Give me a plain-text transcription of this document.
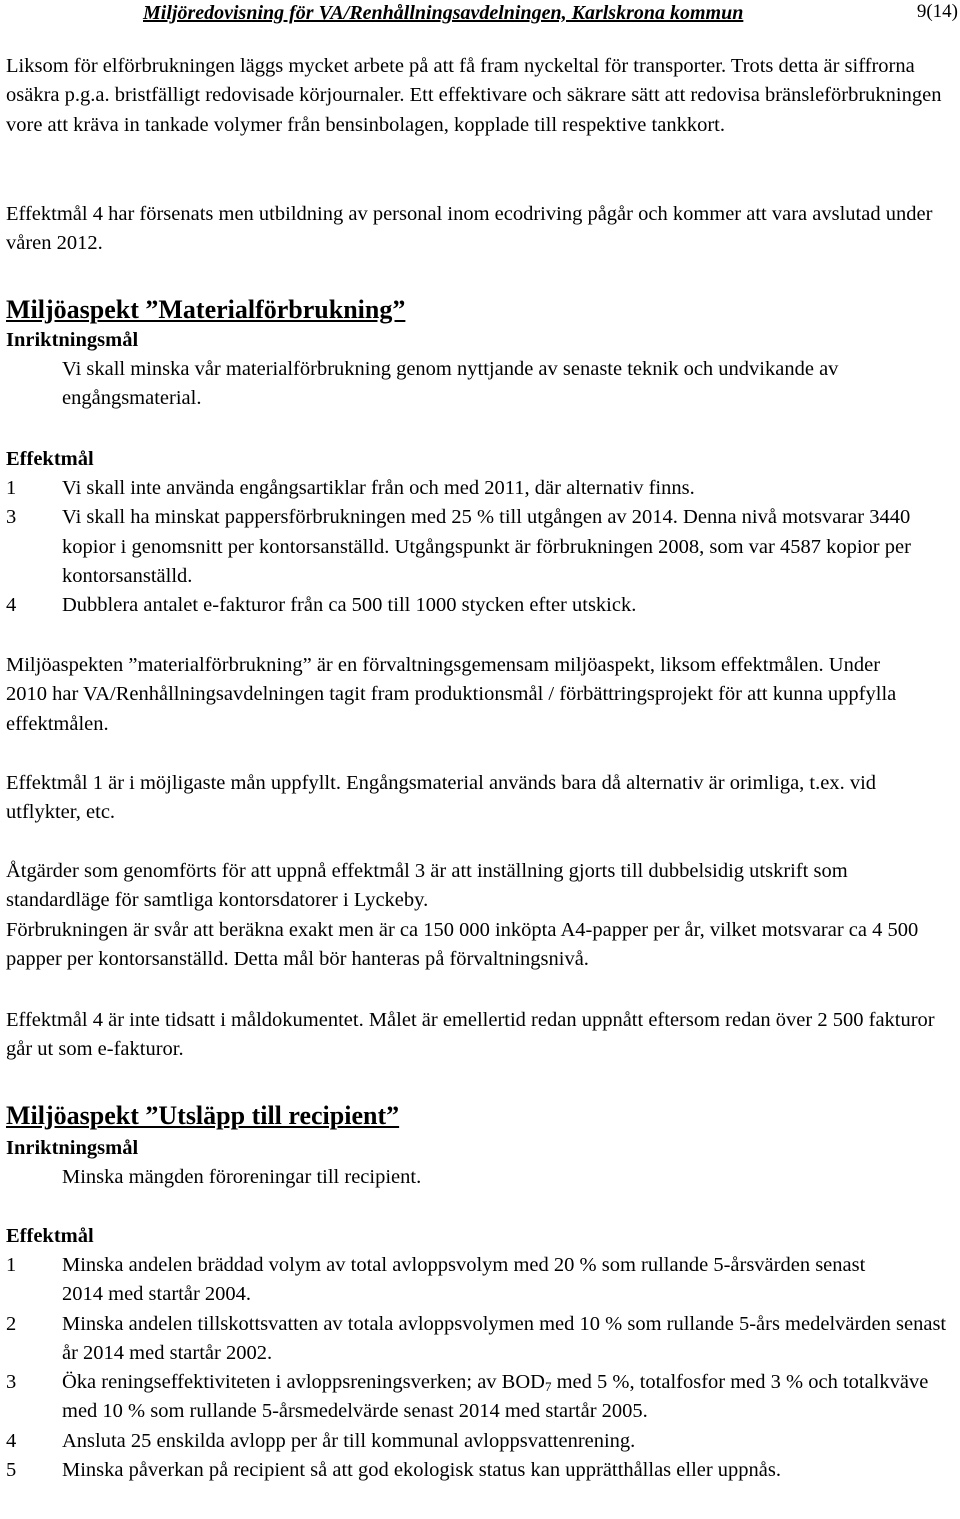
Miljöredovisning för VA/Renhållningsavdelningen, Karlskrona kommun	9(14)

Liksom för elförbrukningen läggs mycket arbete på att få fram nyckeltal för transporter. Trots detta är siffrorna osäkra p.g.a. bristfälligt redovisade körjournaler. Ett effektivare och säkrare sätt att redovisa bränsleförbrukningen vore att kräva in tankade volymer från bensinbolagen, kopplade till respektive tankkort.

Effektmål 4 har försenats men utbildning av personal inom ecodriving pågår och kommer att vara avslutad under våren 2012.

Miljöaspekt ”Materialförbrukning”
Inriktningsmål
Vi skall minska vår materialförbrukning genom nyttjande av senaste teknik och undvikande av engångsmaterial.
Effektmål
1 Vi skall inte använda engångsartiklar från och med 2011, där alternativ finns.
3 Vi skall ha minskat pappersförbrukningen med 25 % till utgången av 2014. Denna nivå motsvarar 3440 kopior i genomsnitt per kontorsanställd. Utgångspunkt är förbrukningen 2008, som var 4587 kopior per kontorsanställd.
4 Dubblera antalet e-fakturor från ca 500 till 1000 stycken efter utskick.

Miljöaspekten ”materialförbrukning” är en förvaltningsgemensam miljöaspekt, liksom effektmålen. Under 2010 har VA/Renhållningsavdelningen tagit fram produktionsmål / förbättringsprojekt för att kunna uppfylla effektmålen.

Effektmål 1 är i möjligaste mån uppfyllt. Engångsmaterial används bara då alternativ är orimliga, t.ex. vid utflykter, etc.

Åtgärder som genomförts för att uppnå effektmål 3 är att inställning gjorts till dubbelsidig utskrift som standardläge för samtliga kontorsdatorer i Lyckeby.

Förbrukningen är svår att beräkna exakt men är ca 150 000 inköpta A4-papper per år, vilket motsvarar ca 4 500 papper per kontorsanställd. Detta mål bör hanteras på förvaltningsnivå.

Effektmål 4 är inte tidsatt i måldokumentet. Målet är emellertid redan uppnått eftersom redan över 2 500 fakturor går ut som e-fakturor.

Miljöaspekt ”Utsläpp till recipient”
Inriktningsmål
Minska mängden föroreningar till recipient.
Effektmål
1 Minska andelen bräddad volym av total avloppsvolym med 20 % som rullande 5-årsvärden senast 2014 med startår 2004.
2 Minska andelen tillskottsvatten av totala avloppsvolymen med 10 % som rullande 5-års medelvärden senast år 2014 med startår 2002.
3 Öka reningseffektiviteten i avloppsreningsverken; av $BOD_7$ med 5 %, totalfosfor med 3 % och totalkväve med 10 % som rullande 5-årsmedelvärde senast 2014 med startår 2005.
4 Ansluta 25 enskilda avlopp per år till kommunal avloppsvattenrening.
5 Minska påverkan på recipient så att god ekologisk status kan upprätthållas eller uppnås.
